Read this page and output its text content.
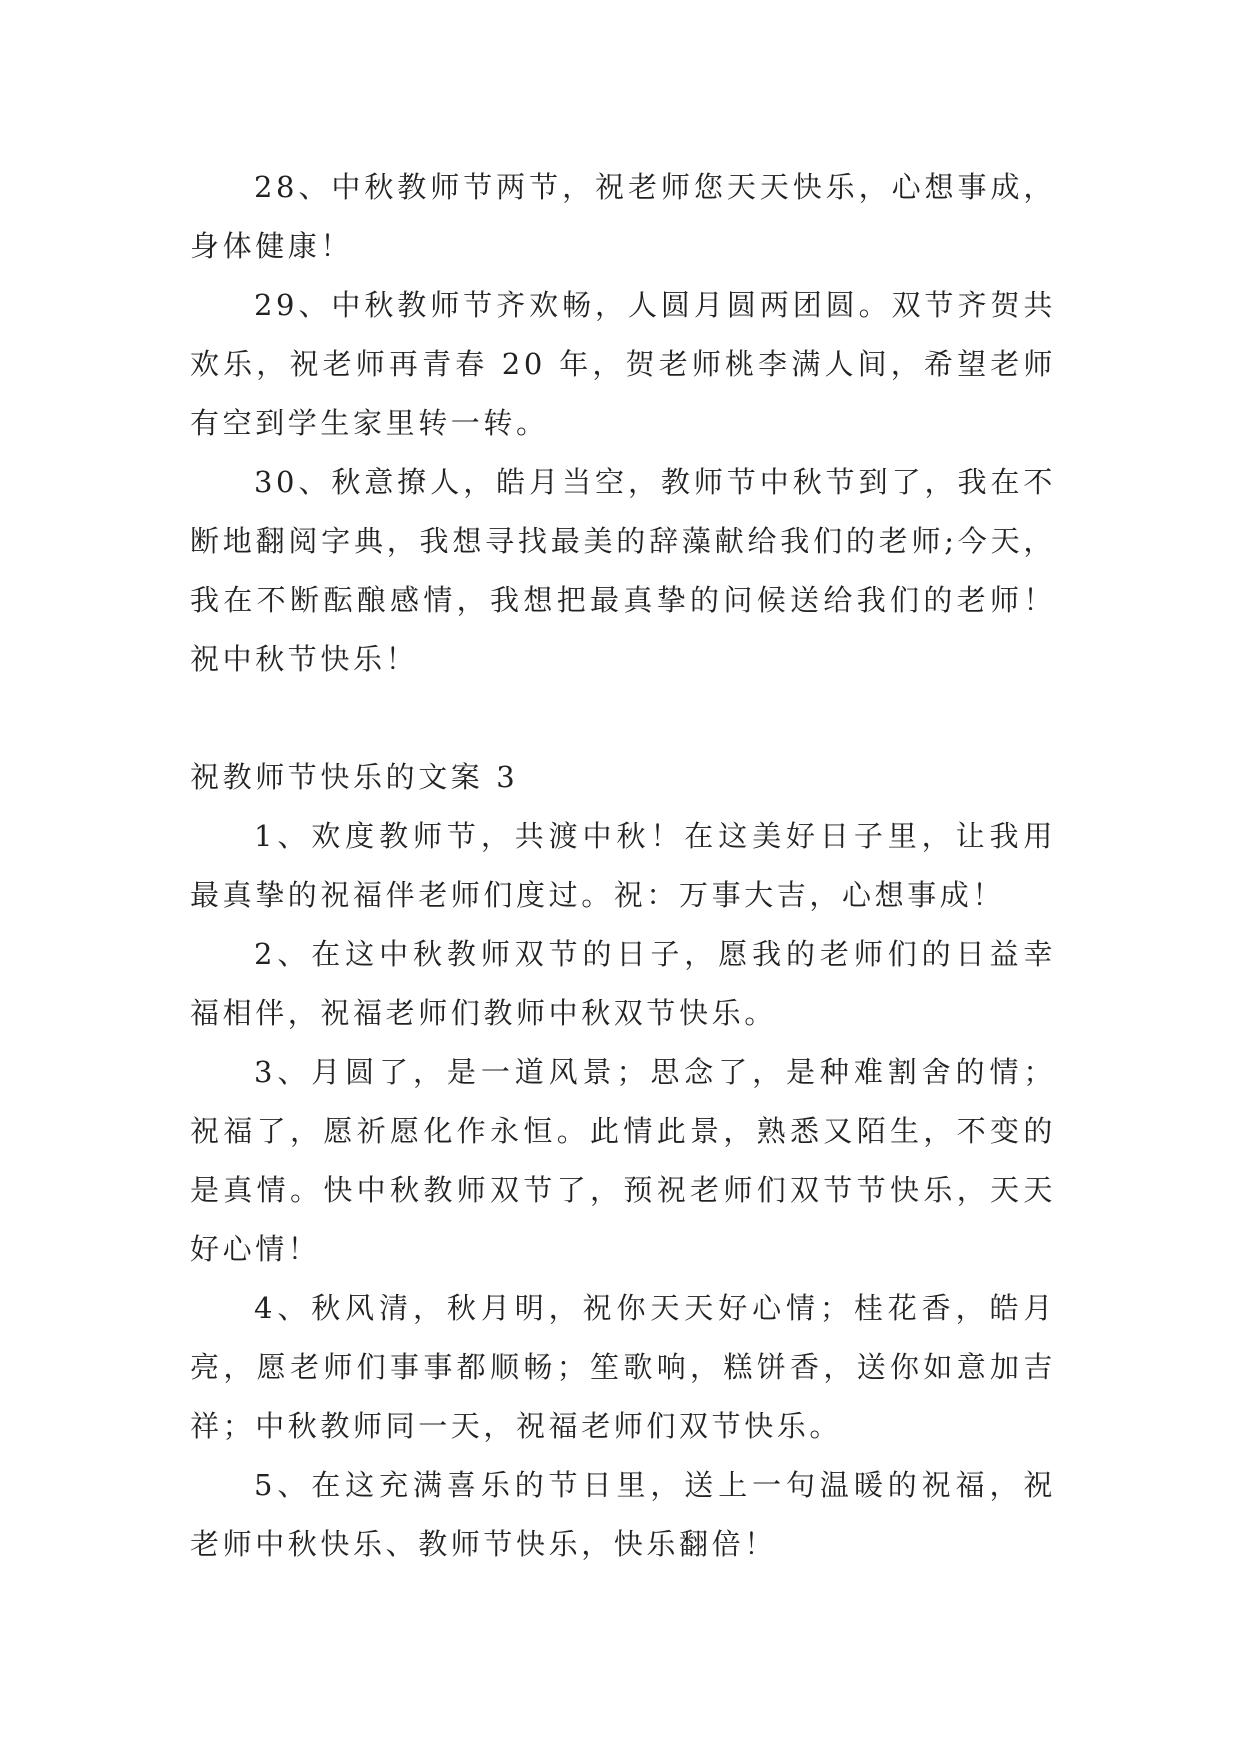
28、中秋教师节两节，祝老师您天天快乐，心想事成，身体健康！

29、中秋教师节齐欢畅，人圆月圆两团圆。双节齐贺共欢乐，祝老师再青春 20 年，贺老师桃李满人间，希望老师有空到学生家里转一转。

30、秋意撩人，皓月当空，教师节中秋节到了，我在不断地翻阅字典，我想寻找最美的辞藻献给我们的老师;今天，我在不断酝酿感情，我想把最真挚的问候送给我们的老师！祝中秋节快乐！

祝教师节快乐的文案 3

1、欢度教师节，共渡中秋！在这美好日子里，让我用最真挚的祝福伴老师们度过。祝：万事大吉，心想事成！

2、在这中秋教师双节的日子，愿我的老师们的日益幸福相伴，祝福老师们教师中秋双节快乐。

3、月圆了，是一道风景；思念了，是种难割舍的情；祝福了，愿祈愿化作永恒。此情此景，熟悉又陌生，不变的是真情。快中秋教师双节了，预祝老师们双节节快乐，天天好心情！

4、秋风清，秋月明，祝你天天好心情；桂花香，皓月亮，愿老师们事事都顺畅；笙歌响，糕饼香，送你如意加吉祥；中秋教师同一天，祝福老师们双节快乐。

5、在这充满喜乐的节日里，送上一句温暖的祝福，祝老师中秋快乐、教师节快乐，快乐翻倍！
